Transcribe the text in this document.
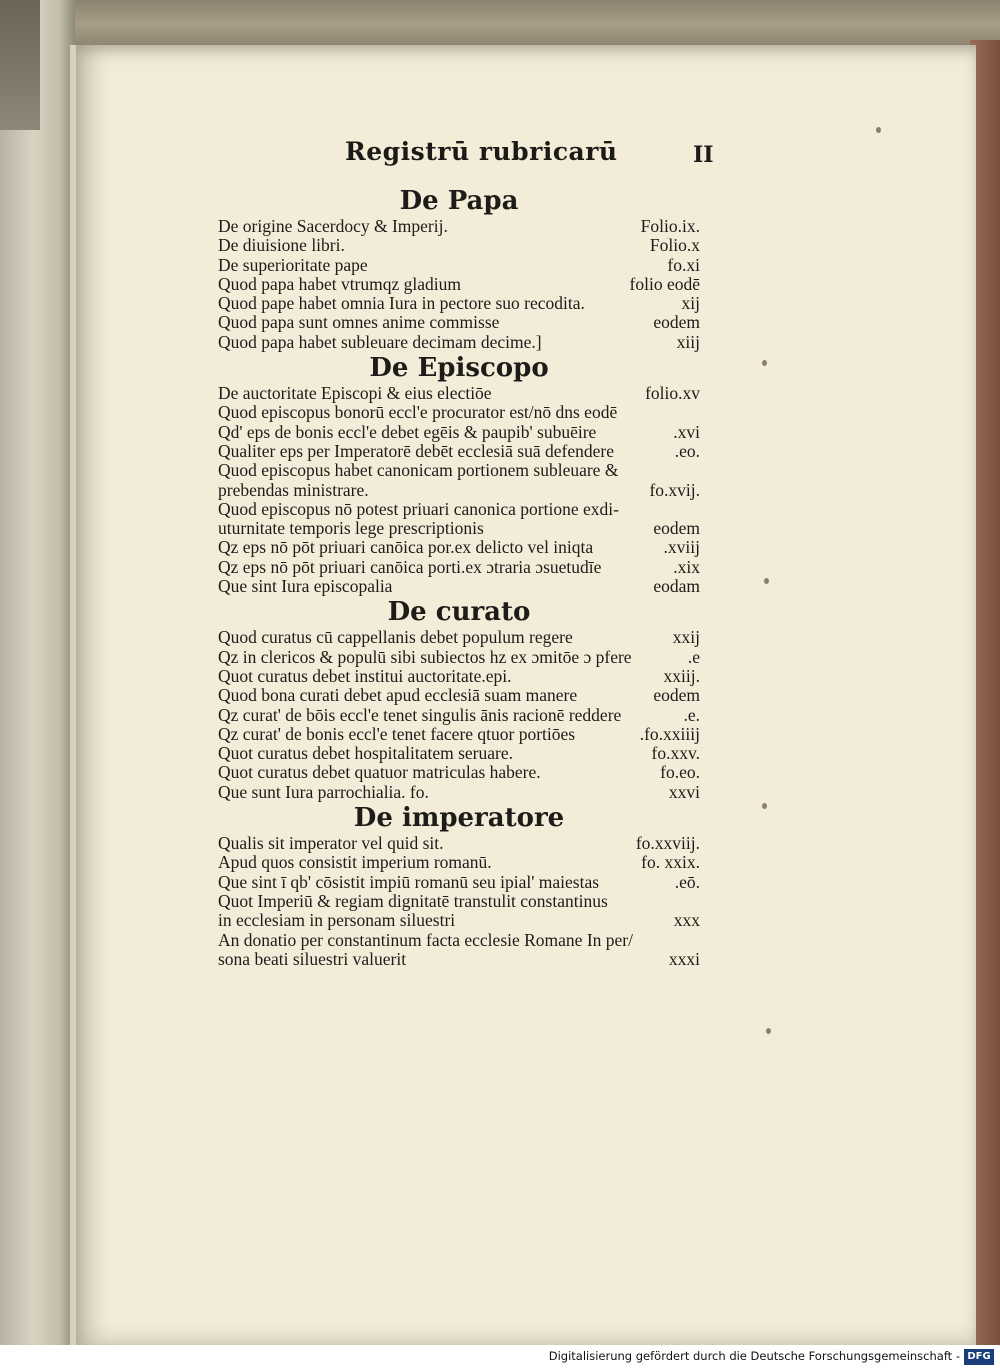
Registrū rubricarū	II
De Papa
De origine Sacerdocy & Imperij.	Folio.ix.
De diuisione libri.	Folio.x
De superioritate pape	fo.xi
Quod papa habet vtrumqz gladium	folio eodē
Quod pape habet omnia Iura in pectore suo recodita.	xij
Quod papa sunt omnes anime commisse	eodem
Quod papa habet subleuare decimam decime.]	xiij
De Episcopo
De auctoritate Episcopi & eius electiōe	folio.xv
Quod episcopus bonorū eccl'e procurator est/nō dns eodē
Qd' eps de bonis eccl'e debet egēis & paupib' subuēire	.xvi
Qualiter eps per Imperatorē debēt ecclesiā suā defendere	.eo.
Quod episcopus habet canonicam portionem subleuare &
prebendas ministrare.	fo.xvij.
Quod episcopus nō potest priuari canonica portione exdi-
uturnitate temporis lege prescriptionis	eodem
Qz eps nō pōt priuari canōica por.ex delicto vel iniqta	.xviij
Qz eps nō pōt priuari canōica porti.ex ɔtraria ɔsuetudīe	.xix
Que sint Iura episcopalia	eodam
De curato
Quod curatus cū cappellanis debet populum regere	xxij
Qz in clericos & populū sibi subiectos hz ex ɔmitōe ɔ pfere	.e
Quot curatus debet institui auctoritate.epi.	xxiij.
Quod bona curati debet apud ecclesiā suam manere	eodem
Qz curat' de bōis eccl'e tenet singulis ānis racionē reddere	.e.
Qz curat' de bonis eccl'e tenet facere qtuor portiōes	.fo.xxiiij
Quot curatus debet hospitalitatem seruare.	fo.xxv.
Quot curatus debet quatuor matriculas habere.	fo.eo.
Que sunt Iura parrochialia. fo.	xxvi
De imperatore
Qualis sit imperator vel quid sit.	fo.xxviij.
Apud quos consistit imperium romanū.	fo. xxix.
Que sint ī qb' cōsistit impiū romanū seu ipial' maiestas	.eō.
Quot Imperiū & regiam dignitatē transtulit constantinus
in ecclesiam in personam siluestri	xxx
An donatio per constantinum facta ecclesie Romane In per/
sona beati siluestri valuerit	xxxi
Digitalisierung gefördert durch die Deutsche Forschungsgemeinschaft - DFG
